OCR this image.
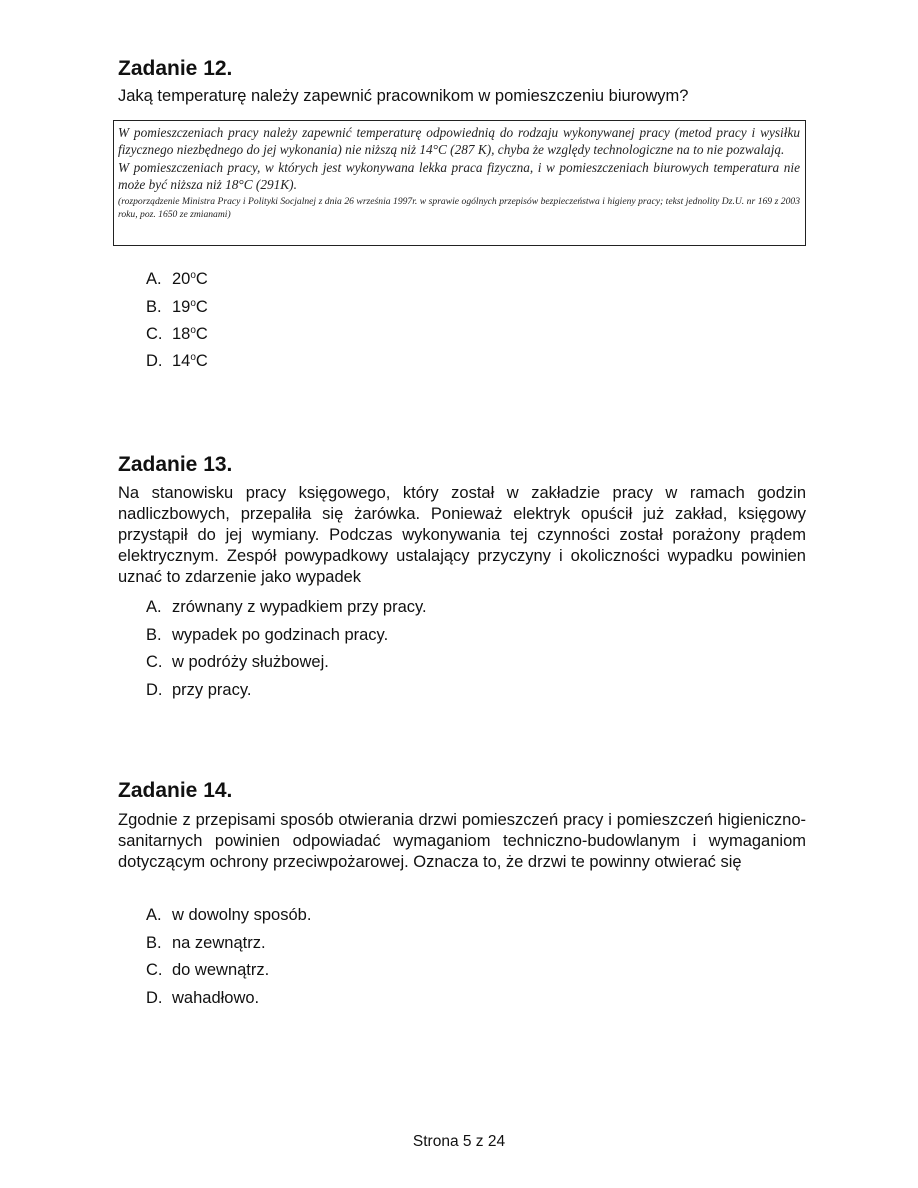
Zadanie 12.

Jaką temperaturę należy zapewnić pracownikom w pomieszczeniu biurowym?

W pomieszczeniach pracy należy zapewnić temperaturę odpowiednią do rodzaju wykonywanej pracy (metod pracy i wysiłku fizycznego niezbędnego do jej wykonania) nie niższą niż 14°C (287 K), chyba że względy technologiczne na to nie pozwalają.

W pomieszczeniach pracy, w których jest wykonywana lekka praca fizyczna, i w pomieszczeniach biurowych temperatura nie może być niższa niż 18°C (291K).

(rozporządzenie Ministra Pracy i Polityki Socjalnej z dnia 26 września 1997r. w sprawie ogólnych przepisów bezpieczeństwa i higieny pracy; tekst jednolity Dz.U. nr 169 z 2003 roku, poz. 1650 ze zmianami)

A. 20$^o$C
B. 19$^o$C
C. 18$^o$C
D. 14$^o$C
Zadanie 13.

Na stanowisku pracy księgowego, który został w zakładzie pracy w ramach godzin nadliczbowych, przepaliła się żarówka. Ponieważ elektryk opuścił już zakład, księgowy przystąpił do jej wymiany. Podczas wykonywania tej czynności został porażony prądem elektrycznym. Zespół powypadkowy ustalający przyczyny i okoliczności wypadku powinien uznać to zdarzenie jako wypadek

A. zrównany z wypadkiem przy pracy.
B. wypadek po godzinach pracy.
C. w podróży służbowej.
D. przy pracy.
Zadanie 14.

Zgodnie z przepisami sposób otwierania drzwi pomieszczeń pracy i pomieszczeń higieniczno-sanitarnych powinien odpowiadać wymaganiom techniczno-budowlanym i wymaganiom dotyczącym ochrony przeciwpożarowej. Oznacza to, że drzwi te powinny otwierać się

A. w dowolny sposób.
B. na zewnątrz.
C. do wewnątrz.
D. wahadłowo.
Strona 5 z 24
